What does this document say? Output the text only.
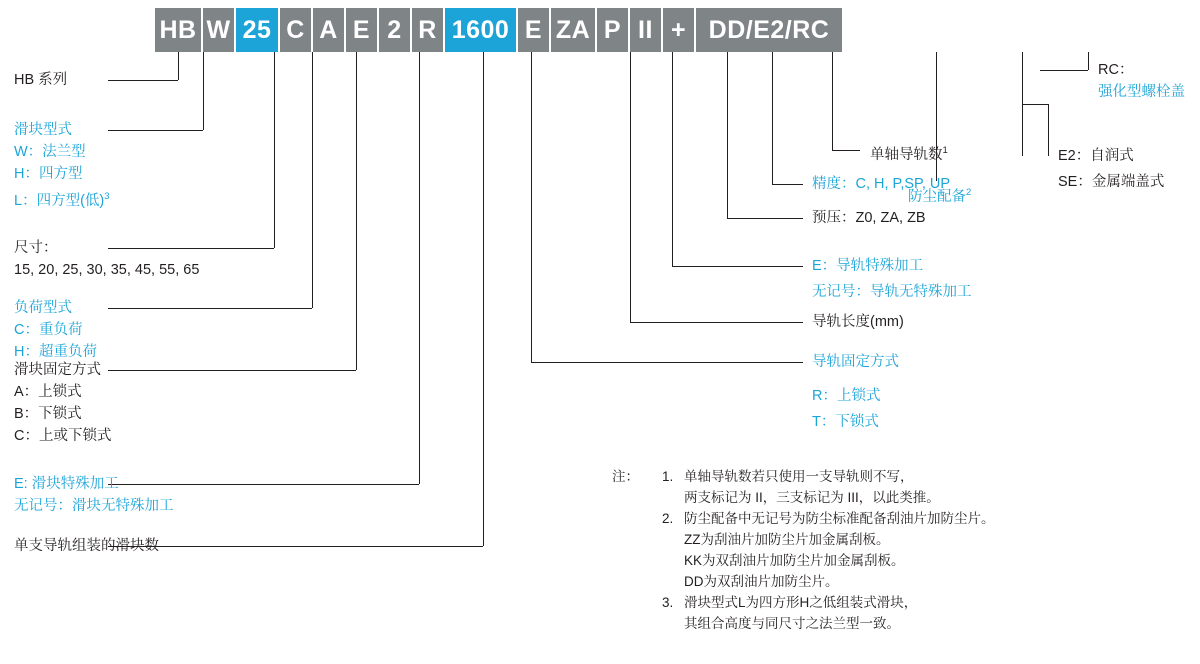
HB W 25 C A E 2 R 1600 E ZA P II + DD/E2/RC
HB 系列
滑块型式
W：法兰型
H：四方型
L：四方型(低)$^3$
尺寸：
15, 20, 25, 30, 35, 45, 55, 65
负荷型式
C：重负荷
H：超重负荷
滑块固定方式
A：上锁式
B：下锁式
C：上或下锁式
E: 滑块特殊加工
无记号：滑块无特殊加工
单支导轨组装的滑块数
导轨固定方式
R：上锁式
T：下锁式
导轨长度(mm)
E：导轨特殊加工
无记号：导轨无特殊加工
预压：Z0, ZA, ZB
精度：C, H, P,SP, UP
单轴导轨数$^1$
防尘配备$^2$
E2：自润式
SE：金属端盖式
RC：
强化型螺栓盖
注： 1. 单轴导轨数若只使用一支导轨则不写，
两支标记为 II，三支标记为 III，以此类推。
2. 防尘配备中无记号为防尘标准配备刮油片加防尘片。
ZZ为刮油片加防尘片加金属刮板。
KK为双刮油片加防尘片加金属刮板。
DD为双刮油片加防尘片。
3. 滑块型式L为四方形H之低组装式滑块，
其组合高度与同尺寸之法兰型一致。
